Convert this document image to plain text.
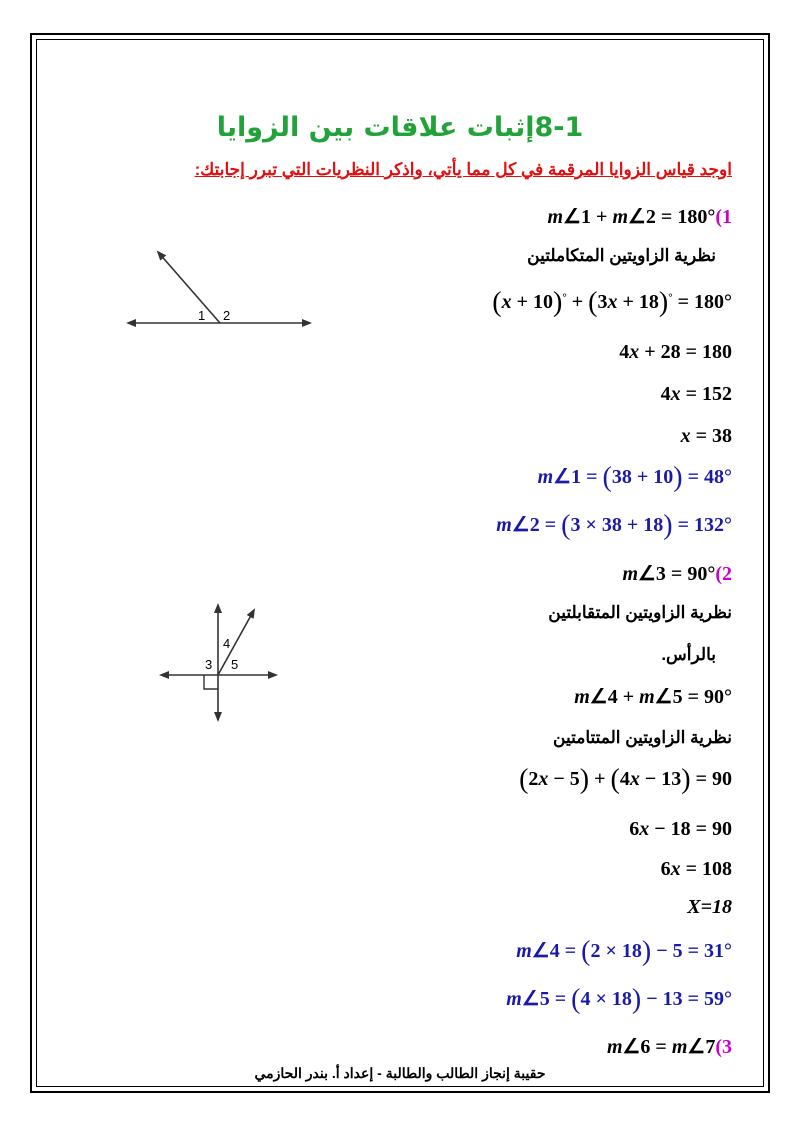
8-1إثبات علاقات بين الزوايا
اوجد قياس الزوايا المرقمة في كل مما يأتي، واذكر النظريات التي تبرر إجابتك:
m∠1 + m∠2 = 180°(1
نظرية الزاويتين المتكاملتين
(x + 10)° + (3x + 18)° = 180°
4x + 28 = 180
4x = 152
x = 38
m∠1 = (38 + 10) = 48°
m∠2 = (3 × 38 + 18) = 132°
1 2
m∠3 = 90°(2
نظرية الزاويتين المتقابلتين
بالرأس.
m∠4 + m∠5 = 90°
نظرية الزاويتين المتتامتين
(2x − 5) + (4x − 13) = 90
6x − 18 = 90
6x = 108
X=18
m∠4 = (2 × 18) − 5 = 31°
m∠5 = (4 × 18) − 13 = 59°
3
4
5
m∠6 = m∠7(3
حقيبة إنجاز الطالب والطالبة - إعداد أ. بندر الحازمي
